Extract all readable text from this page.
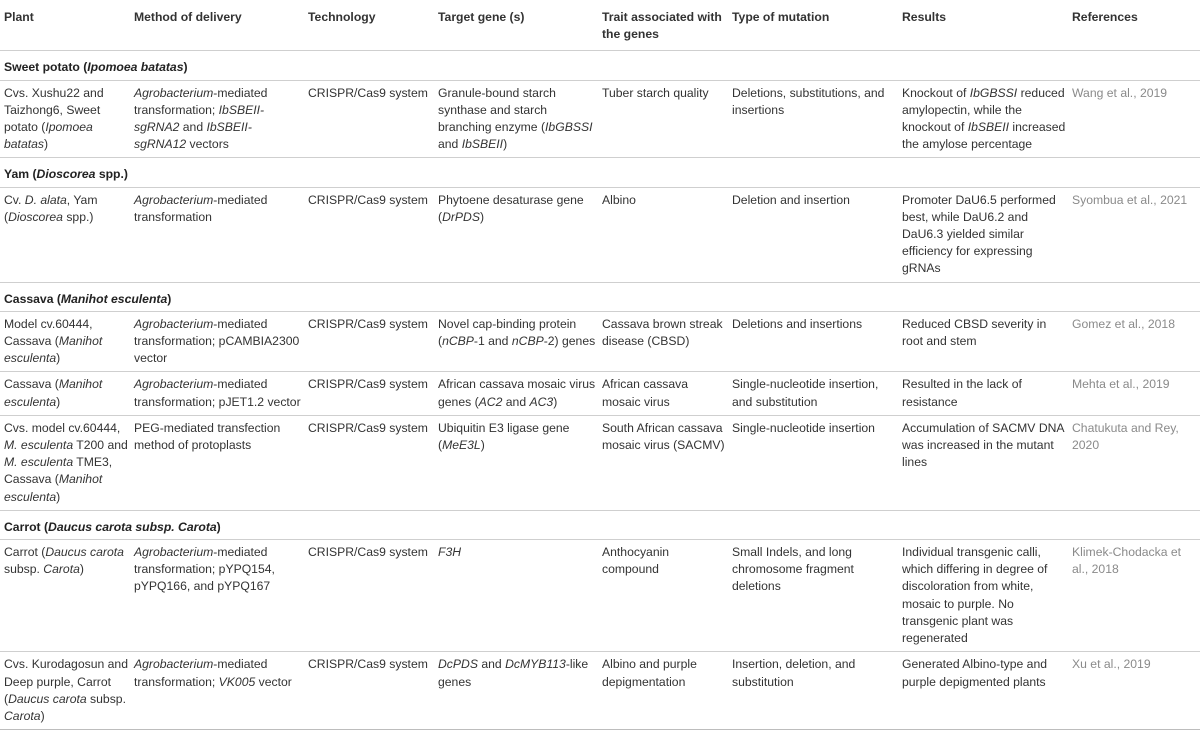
Plant	Method of delivery	Technology	Target gene (s)	Trait associated with the genes	Type of mutation	Results	References
Sweet potato (Ipomoea batatas)							
Cvs. Xushu22 and Taizhong6, Sweet potato (Ipomoea batatas)	Agrobacterium-mediated transformation; IbSBEII-sgRNA2 and IbSBEII-sgRNA12 vectors	CRISPR/Cas9 system	Granule-bound starch synthase and starch branching enzyme (IbGBSSI and IbSBEII)	Tuber starch quality	Deletions, substitutions, and insertions	Knockout of IbGBSSI reduced amylopectin, while the knockout of IbSBEII increased the amylose percentage	Wang et al., 2019
Yam (Dioscorea spp.)							
Cv. D. alata, Yam (Dioscorea spp.)	Agrobacterium-mediated transformation	CRISPR/Cas9 system	Phytoene desaturase gene (DrPDS)	Albino	Deletion and insertion	Promoter DaU6.5 performed best, while DaU6.2 and DaU6.3 yielded similar efficiency for expressing gRNAs	Syombua et al., 2021
Cassava (Manihot esculenta)							
Model cv.60444, Cassava (Manihot esculenta)	Agrobacterium-mediated transformation; pCAMBIA2300 vector	CRISPR/Cas9 system	Novel cap-binding protein (nCBP-1 and nCBP-2) genes	Cassava brown streak disease (CBSD)	Deletions and insertions	Reduced CBSD severity in root and stem	Gomez et al., 2018
Cassava (Manihot esculenta)	Agrobacterium-mediated transformation; pJET1.2 vector	CRISPR/Cas9 system	African cassava mosaic virus genes (AC2 and AC3)	African cassava mosaic virus	Single-nucleotide insertion, and substitution	Resulted in the lack of resistance	Mehta et al., 2019
Cvs. model cv.60444, M. esculenta T200 and M. esculenta TME3, Cassava (Manihot esculenta)	PEG-mediated transfection method of protoplasts	CRISPR/Cas9 system	Ubiquitin E3 ligase gene (MeE3L)	South African cassava mosaic virus (SACMV)	Single-nucleotide insertion	Accumulation of SACMV DNA was increased in the mutant lines	Chatukuta and Rey, 2020
Carrot (Daucus carota subsp. Carota)							
Carrot (Daucus carota subsp. Carota)	Agrobacterium-mediated transformation; pYPQ154, pYPQ166, and pYPQ167	CRISPR/Cas9 system	F3H	Anthocyanin compound	Small Indels, and long chromosome fragment deletions	Individual transgenic calli, which differing in degree of discoloration from white, mosaic to purple. No transgenic plant was regenerated	Klimek-Chodacka et al., 2018
Cvs. Kurodagosun and Deep purple, Carrot (Daucus carota subsp. Carota)	Agrobacterium-mediated transformation; VK005 vector	CRISPR/Cas9 system	DcPDS and DcMYB113-like genes	Albino and purple depigmentation	Insertion, deletion, and substitution	Generated Albino-type and purple depigmented plants	Xu et al., 2019
